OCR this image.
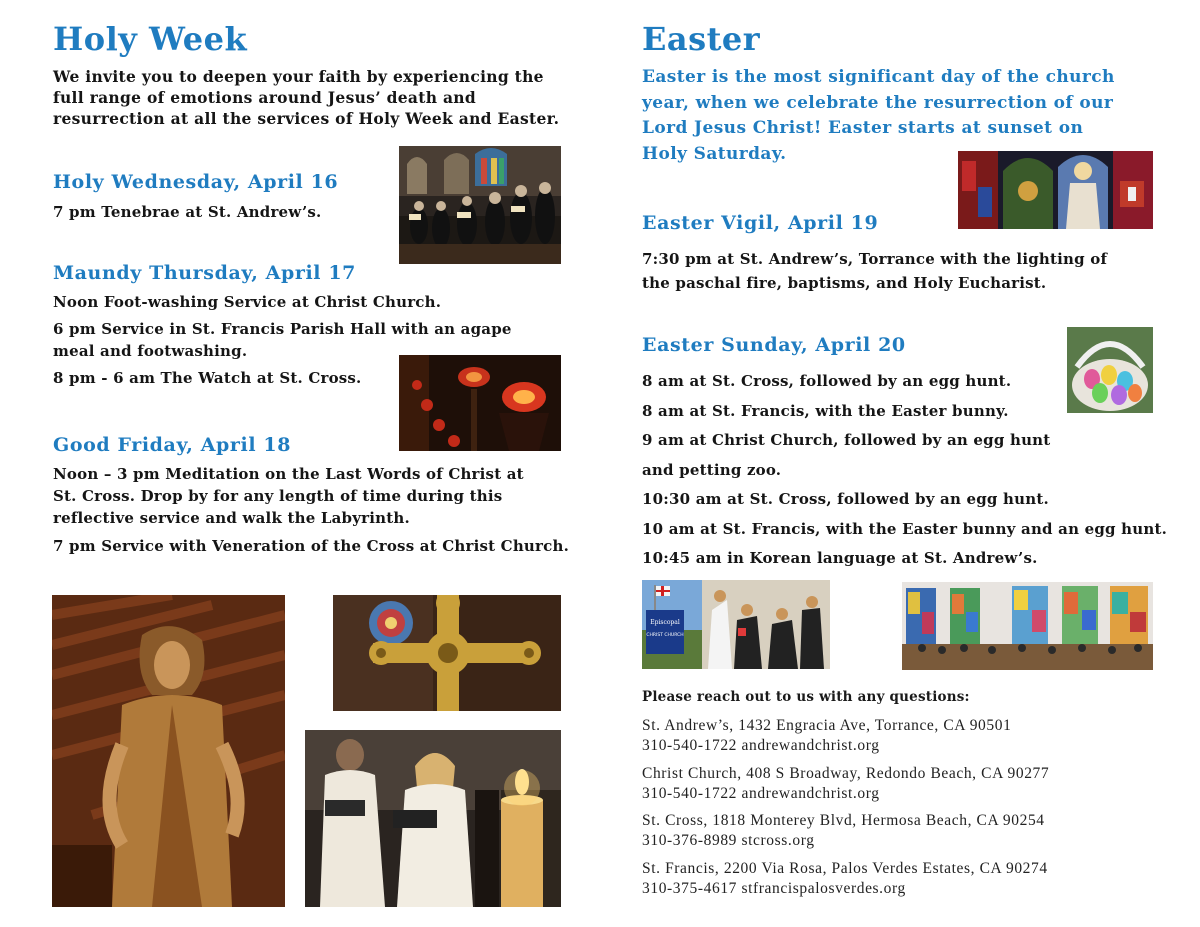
Holy Week
We invite you to deepen your faith by experiencing the
full range of emotions around Jesus’ death and
resurrection at all the services of Holy Week and Easter.
Holy Wednesday, April 16
7 pm Tenebrae at St. Andrew’s.
Maundy Thursday, April 17
Noon Foot-washing Service at Christ Church.
6 pm Service in St. Francis Parish Hall with an agape
meal and footwashing.
8 pm - 6 am The Watch at St. Cross.
Good Friday, April 18
Noon – 3 pm Meditation on the Last Words of Christ at
St. Cross. Drop by for any length of time during this
reflective service and walk the Labyrinth.
7 pm Service with Veneration of the Cross at Christ Church.
Easter
Easter is the most significant day of the church
year, when we celebrate the resurrection of our
Lord Jesus Christ! Easter starts at sunset on
Holy Saturday.
Easter Vigil, April 19
7:30 pm at St. Andrew’s, Torrance with the lighting of
the paschal fire, baptisms, and Holy Eucharist.
Easter Sunday, April 20
8 am at St. Cross, followed by an egg hunt.
8 am at St. Francis, with the Easter bunny.
9 am at Christ Church, followed by an egg hunt
and petting zoo.
10:30 am at St. Cross, followed by an egg hunt.
10 am at St. Francis, with the Easter bunny and an egg hunt.
10:45 am in Korean language at St. Andrew’s.
Episcopal
CHRIST CHURCH
Please reach out to us with any questions:
St. Andrew’s, 1432 Engracia Ave, Torrance, CA 90501
310-540-1722 andrewandchrist.org
Christ Church, 408 S Broadway, Redondo Beach, CA 90277
310-540-1722 andrewandchrist.org
St. Cross, 1818 Monterey Blvd, Hermosa Beach, CA 90254
310-376-8989 stcross.org
St. Francis, 2200 Via Rosa, Palos Verdes Estates, CA 90274
310-375-4617 stfrancispalosverdes.org
